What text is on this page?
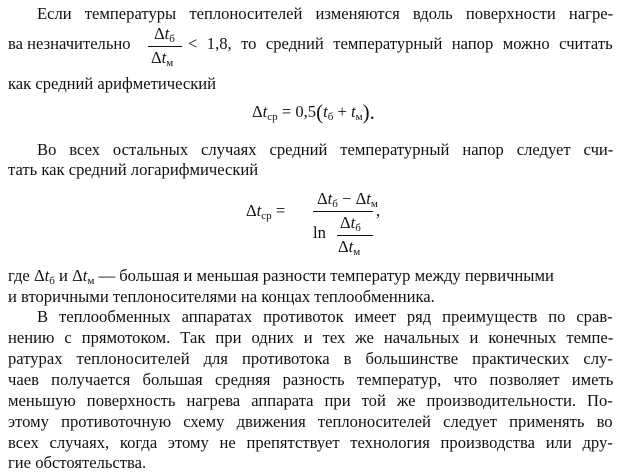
Если температуры теплоносителей изменяются вдоль поверхности нагре-
ва незначительно
$\Delta t_б$
$\Delta t_м$
< 1,8, то средний температурный напор можно считать
как средний арифметический
$\Delta t_{ср} = 0,5(t_б + t_м)$.
Во всех остальных случаях средний температурный напор следует счи-
тать как средний логарифмический
$\Delta t_{ср}$ =
$\Delta t_б - \Delta t_м$
ln
$\Delta t_б$
$\Delta t_м$
,
где $\Delta t_б$ и $\Delta t_м$ — большая и меньшая разности температур между первичными
и вторичными теплоносителями на концах теплообменника.
В теплообменных аппаратах противоток имеет ряд преимуществ по срав-
нению с прямотоком. Так при одних и тех же начальных и конечных темпе-
ратурах теплоносителей для противотока в большинстве практических слу-
чаев получается большая средняя разность температур, что позволяет иметь
меньшую поверхность нагрева аппарата при той же производительности. По-
этому противоточную схему движения теплоносителей следует применять во
всех случаях, когда этому не препятствует технология производства или дру-
гие обстоятельства.
